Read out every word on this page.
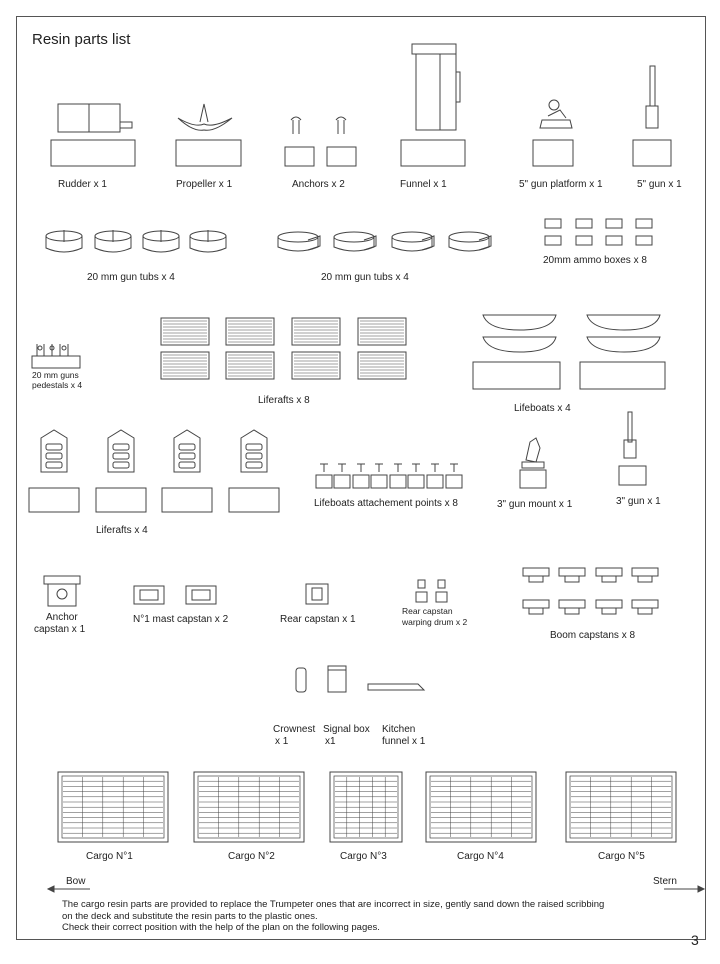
Resin parts list
Rudder x 1	Propeller x 1	Anchors x 2	Funnel x 1	5" gun platform x 1	5" gun x 1
20 mm gun tubs x 4	20 mm gun tubs x 4
20mm ammo boxes x 8
20 mm guns
pedestals x 4
Liferafts x 8
Lifeboats x 4
Liferafts x 4
Lifeboats attachement points x 8	3" gun mount x 1	3" gun x 1
Anchor
capstan x 1
N°1 mast capstan x 2	Rear capstan x 1
Rear capstan
warping drum x 2
Boom capstans x 8
Crownest
x 1
Signal box
x1
Kitchen
funnel x 1
Cargo N°1	Cargo N°2	Cargo N°3	Cargo N°4	Cargo N°5
Bow	Stern
The cargo resin parts are provided to replace the Trumpeter ones that are incorrect in size, gently sand down the raised scribbing
on the deck and substitute the resin parts to the plastic ones.
Check their correct position with the help of the plan on the following pages.
3
